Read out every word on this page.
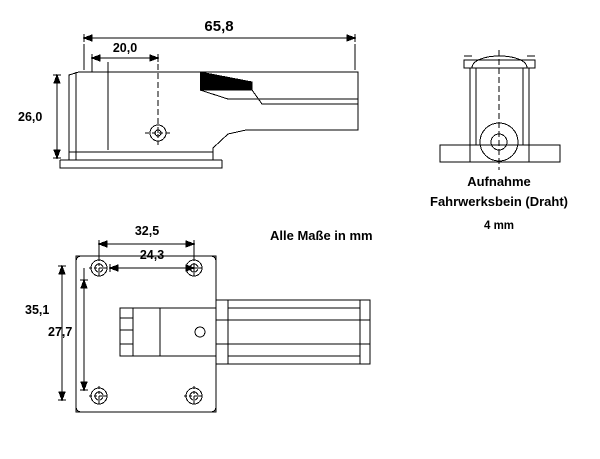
65,8
20,0
26,0
Aufnahme
Fahrwerksbein (Draht)
4 mm
32,5	Alle Maße in mm
24,3
35,1
27,7
